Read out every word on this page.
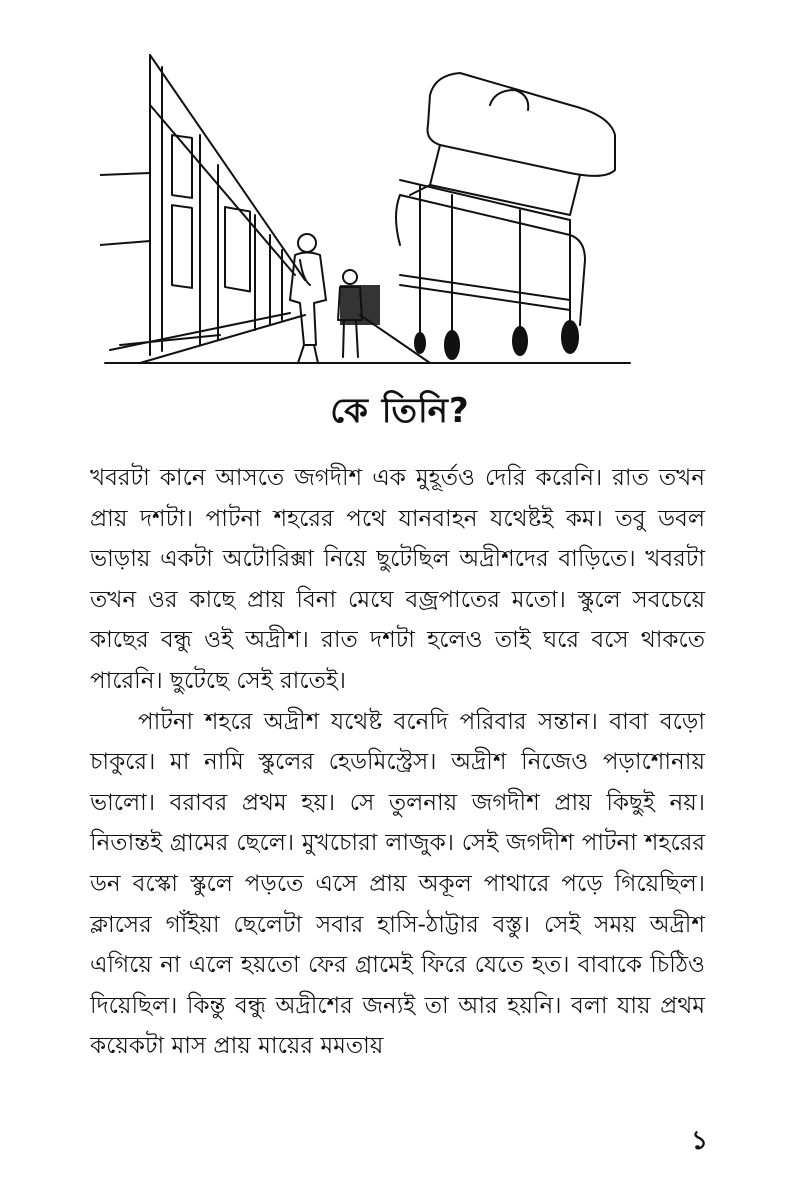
কে তিনি?

খবরটা কানে আসতে জগদীশ এক মুহূর্তও দেরি করেনি। রাত তখন প্রায় দশটা। পাটনা শহরের পথে যানবাহন যথেষ্টই কম। তবু ডবল ভাড়ায় একটা অটোরিক্সা নিয়ে ছুটেছিল অদ্রীশদের বাড়িতে। খবরটা তখন ওর কাছে প্রায় বিনা মেঘে বজ্রপাতের মতো। স্কুলে সবচেয়ে কাছের বন্ধু ওই অদ্রীশ। রাত দশটা হলেও তাই ঘরে বসে থাকতে পারেনি। ছুটেছে সেই রাতেই।

পাটনা শহরে অদ্রীশ যথেষ্ট বনেদি পরিবার সন্তান। বাবা বড়ো চাকুরে। মা নামি স্কুলের হেডমিস্ট্রেস। অদ্রীশ নিজেও পড়াশোনায় ভালো। বরাবর প্রথম হয়। সে তুলনায় জগদীশ প্রায় কিছুই নয়। নিতান্তই গ্রামের ছেলে। মুখচোরা লাজুক। সেই জগদীশ পাটনা শহরের ডন বস্কো স্কুলে পড়তে এসে প্রায় অকূল পাথারে পড়ে গিয়েছিল। ক্লাসের গাঁইয়া ছেলেটা সবার হাসি-ঠাট্টার বস্তু। সেই সময় অদ্রীশ এগিয়ে না এলে হয়তো ফের গ্রামেই ফিরে যেতে হত। বাবাকে চিঠিও দিয়েছিল। কিন্তু বন্ধু অদ্রীশের জন্যই তা আর হয়নি। বলা যায় প্রথম কয়েকটা মাস প্রায় মায়ের মমতায়

১
